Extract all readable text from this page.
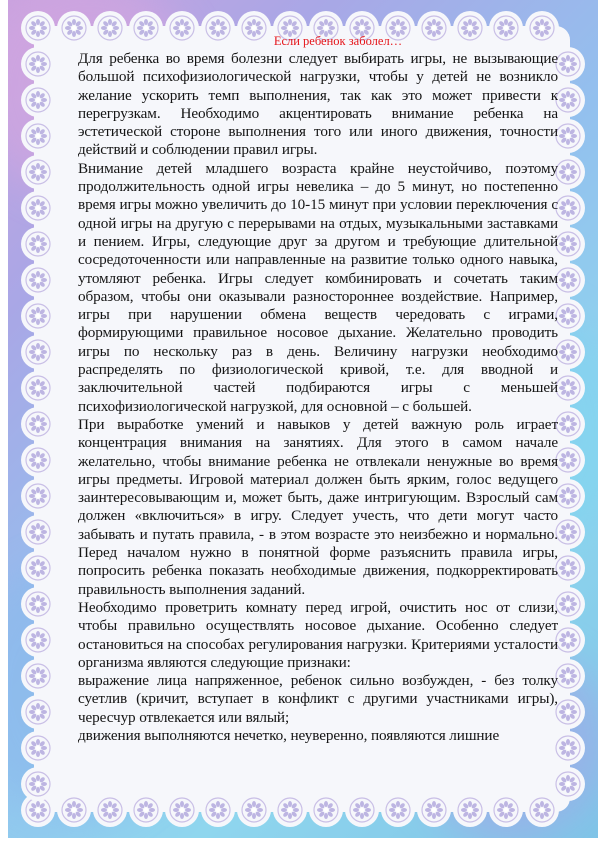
Если ребенок заболел…

Для ребенка во время болезни следует выбирать игры, не вызывающие большой психофизиологической нагрузки, чтобы у детей не возникло желание ускорить темп выполнения, так как это может привести к перегрузкам. Необходимо акцентировать внимание ребенка на эстетической стороне выполнения того или иного движения, точности действий и соблюдении правил игры.

Внимание детей младшего возраста крайне неустойчиво, поэтому продолжительность одной игры невелика – до 5 минут, но постепенно время игры можно увеличить до 10-15 минут при условии переключения с одной игры на другую с перерывами на отдых, музыкальными заставками и пением. Игры, следующие друг за другом и требующие длительной сосредоточенности или направленные на развитие только одного навыка, утомляют ребенка. Игры следует комбинировать и сочетать таким образом, чтобы они оказывали разностороннее воздействие. Например, игры при нарушении обмена веществ чередовать с играми, формирующими правильное носовое дыхание. Желательно проводить игры по нескольку раз в день. Величину нагрузки необходимо распределять по физиологической кривой, т.е. для вводной и заключительной частей подбираются игры с меньшей психофизиологической нагрузкой, для основной – с большей.

При выработке умений и навыков у детей важную роль играет концентрация внимания на занятиях. Для этого в самом начале желательно, чтобы внимание ребенка не отвлекали ненужные во время игры предметы. Игровой материал должен быть ярким, голос ведущего заинтересовывающим и, может быть, даже интригующим. Взрослый сам должен «включиться» в игру. Следует учесть, что дети могут часто забывать и путать правила, - в этом возрасте это неизбежно и нормально. Перед началом нужно в понятной форме разъяснить правила игры, попросить ребенка показать необходимые движения, подкорректировать правильность выполнения заданий.

Необходимо проветрить комнату перед игрой, очистить нос от слизи, чтобы правильно осуществлять носовое дыхание. Особенно следует остановиться на способах регулирования нагрузки. Критериями усталости организма являются следующие признаки:

выражение лица напряженное, ребенок сильно возбужден, - без толку суетлив (кричит, вступает в конфликт с другими участниками игры), чересчур отвлекается или вялый;

движения выполняются нечетко, неуверенно, появляются лишние
